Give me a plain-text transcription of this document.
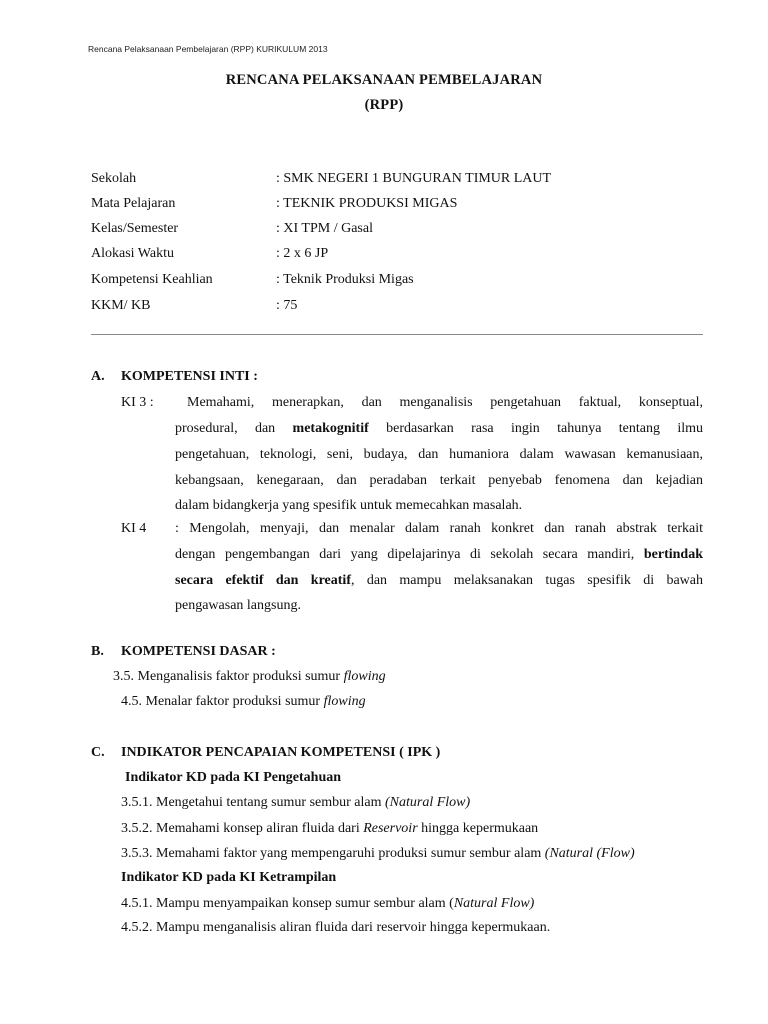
Rencana Pelaksanaan Pembelajaran (RPP) KURIKULUM 2013
RENCANA PELAKSANAAN PEMBELAJARAN
(RPP)
Sekolah	: SMK NEGERI 1 BUNGURAN TIMUR LAUT
Mata Pelajaran	: TEKNIK PRODUKSI MIGAS
Kelas/Semester	: XI TPM / Gasal
Alokasi Waktu	: 2 x 6 JP
Kompetensi Keahlian	: Teknik Produksi Migas
KKM/ KB	: 75
A. KOMPETENSI INTI :
KI 3 : Memahami, menerapkan, dan menganalisis pengetahuan faktual, konseptual,
prosedural, dan metakognitif berdasarkan rasa ingin tahunya tentang ilmu
pengetahuan, teknologi, seni, budaya, dan humaniora dalam wawasan kemanusiaan,
kebangsaan, kenegaraan, dan peradaban terkait penyebab fenomena dan kejadian
dalam bidangkerja yang spesifik untuk memecahkan masalah.
KI 4 : Mengolah, menyaji, dan menalar dalam ranah konkret dan ranah abstrak terkait
dengan pengembangan dari yang dipelajarinya di sekolah secara mandiri, bertindak
secara efektif dan kreatif, dan mampu melaksanakan tugas spesifik di bawah
pengawasan langsung.
B. KOMPETENSI DASAR :
3.5. Menganalisis faktor produksi sumur flowing
4.5. Menalar faktor produksi sumur flowing
C. INDIKATOR PENCAPAIAN KOMPETENSI ( IPK )
Indikator KD pada KI Pengetahuan
3.5.1. Mengetahui tentang sumur sembur alam (Natural Flow)
3.5.2. Memahami konsep aliran fluida dari Reservoir hingga kepermukaan
3.5.3. Memahami faktor yang mempengaruhi produksi sumur sembur alam (Natural (Flow)
Indikator KD pada KI Ketrampilan
4.5.1. Mampu menyampaikan konsep sumur sembur alam (Natural Flow)
4.5.2. Mampu menganalisis aliran fluida dari reservoir hingga kepermukaan.
